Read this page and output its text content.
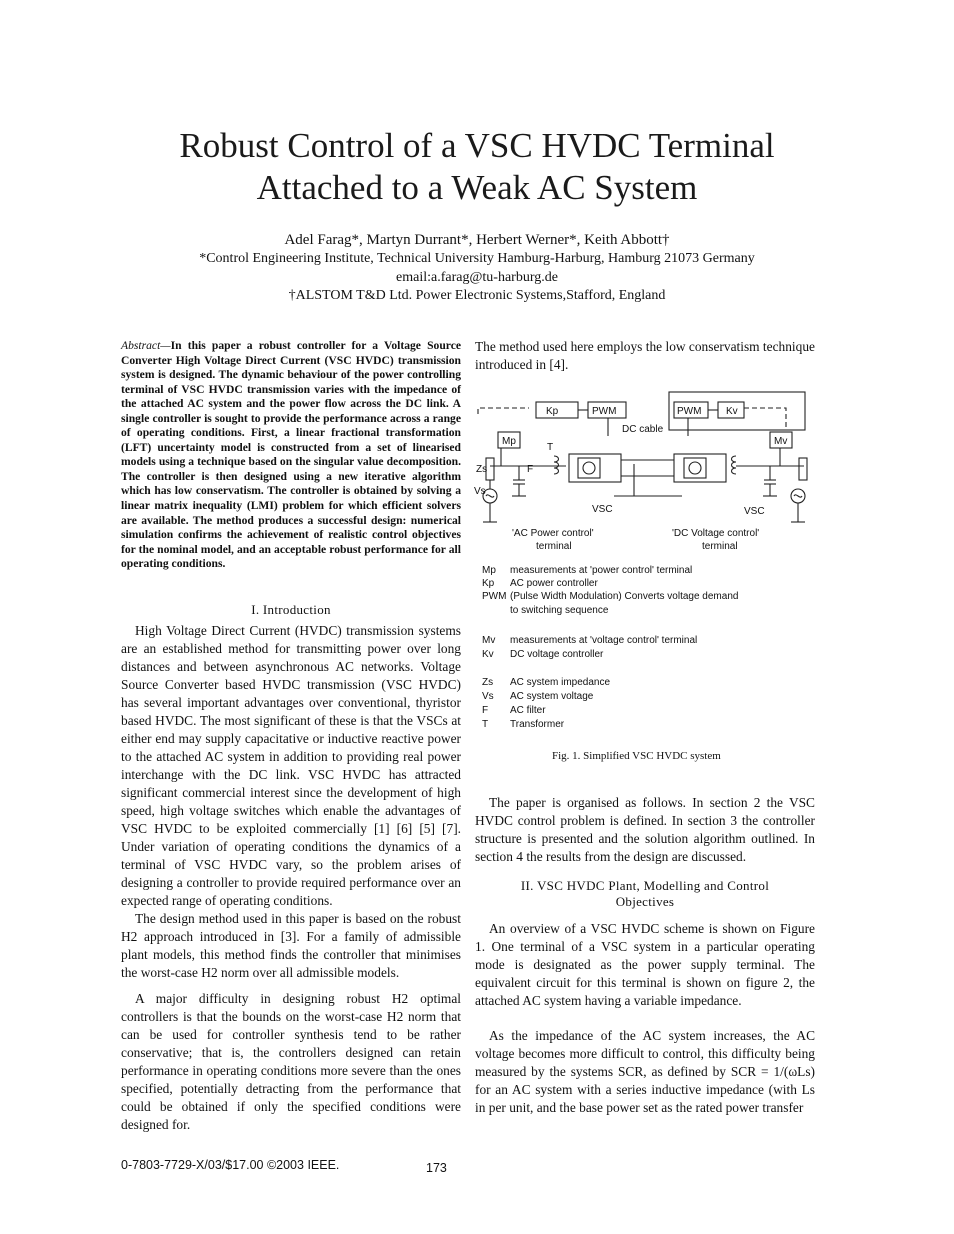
Robust Control of a VSC HVDC Terminal
Attached to a Weak AC System
Adel Farag*, Martyn Durrant*, Herbert Werner*, Keith Abbott†
*Control Engineering Institute, Technical University Hamburg-Harburg, Hamburg 21073 Germany
email:a.farag@tu-harburg.de
†ALSTOM T&D Ltd. Power Electronic Systems,Stafford, England
Abstract—In this paper a robust controller for a Voltage Source Converter High Voltage Direct Current (VSC HVDC) transmission system is designed. The dynamic behaviour of the power controlling terminal of VSC HVDC transmission varies with the impedance of the attached AC system and the power flow across the DC link. A single controller is sought to provide the performance across a range of operating conditions. First, a linear fractional transformation (LFT) uncertainty model is constructed from a set of linearised models using a technique based on the singular value decomposition. The controller is then designed using a new iterative algorithm which has low conservatism. The controller is obtained by solving a linear matrix inequality (LMI) problem for which efficient solvers are available. The method produces a successful design: numerical simulation confirms the achievement of realistic control objectives for the nominal model, and an acceptable robust performance for all operating conditions.
I. Introduction

High Voltage Direct Current (HVDC) transmission systems are an established method for transmitting power over long distances and between asynchronous AC networks. Voltage Source Converter based HVDC transmission (VSC HVDC) has several important advantages over conventional, thyristor based HVDC. The most significant of these is that the VSCs at either end may supply capacitative or inductive reactive power to the attached AC system in addition to providing real power interchange with the DC link. VSC HVDC has attracted significant commercial interest since the development of high speed, high voltage switches which enable the advantages of VSC HVDC to be exploited commercially [1] [6] [5] [7]. Under variation of operating conditions the dynamics of a terminal of VSC HVDC vary, so the problem arises of designing a controller to provide required performance over an expected range of operating conditions.

The design method used in this paper is based on the robust H2 approach introduced in [3]. For a family of admissible plant models, this method finds the controller that minimises the worst-case H2 norm over all admissible models.

A major difficulty in designing robust H2 optimal controllers is that the bounds on the worst-case H2 norm that can be used for controller synthesis tend to be rather conservative; that is, the controllers designed can retain performance in operating conditions more severe than the ones specified, potentially detracting from the performance that could be obtained if only the specified conditions were designed for.

The method used here employs the low conservatism technique introduced in [4].
Kp	PWM	PWM Kv
DC cable
Mp	Mv
T
Zs	F
Vs
VSC	VSC
'AC Power control'
terminal
'DC Voltage control'
terminal
Mp	measurements at 'power control' terminal
Kp	AC power controller
PWM (Pulse Width Modulation) Converts voltage demand
to switching sequence
Mv	measurements at 'voltage control' terminal
Kv	DC voltage controller
Zs	AC system impedance
Vs	AC system voltage
F	AC filter
T	Transformer
Fig. 1. Simplified VSC HVDC system

The paper is organised as follows. In section 2 the VSC HVDC control problem is defined. In section 3 the controller structure is presented and the solution algorithm outlined. In section 4 the results from the design are discussed.

II. VSC HVDC Plant, Modelling and Control
Objectives

An overview of a VSC HVDC scheme is shown on Figure 1. One terminal of a VSC system in a particular operating mode is designated as the power supply terminal. The equivalent circuit for this terminal is shown on figure 2, the attached AC system having a variable impedance.

As the impedance of the AC system increases, the AC voltage becomes more difficult to control, this difficulty being measured by the systems SCR, as defined by SCR = 1/(ωLs) for an AC system with a series inductive impedance (with Ls in per unit, and the base power set as the rated power transfer

0-7803-7729-X/03/$17.00 ©2003 IEEE.	173
